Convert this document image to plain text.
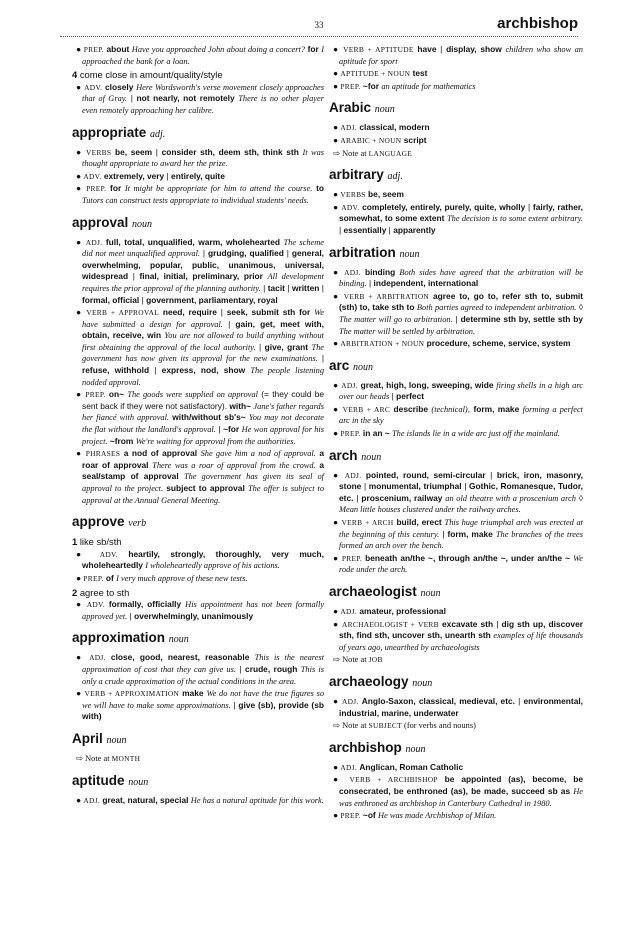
33	archbishop
● PREP. about Have you approached John about doing a concert? for I approached the bank for a loan.
4 come close in amount/quality/style
● ADV. closely Here Wordsworth's verse movement closely approaches that of Gray. | not nearly, not remotely There is no other player even remotely approaching her calibre.
appropriate adj.
● VERBS be, seem | consider sth, deem sth, think sth It was thought appropriate to award her the prize.
● ADV. extremely, very | entirely, quite
● PREP. for It might be appropriate for him to attend the course. to Tutors can construct tests appropriate to individual students' needs.
approval noun
● ADJ. full, total, unqualified, warm, wholehearted The scheme did not meet unqualified approval. | grudging, qualified | general, overwhelming, popular, public, unanimous, universal, widespread | final, initial, preliminary, prior All development requires the prior approval of the planning authority. | tacit | written | formal, official | government, parliamentary, royal
● VERB + APPROVAL need, require | seek, submit sth for We have submitted a design for approval. | gain, get, meet with, obtain, receive, win You are not allowed to build anything without first obtaining the approval of the local authority. | give, grant The government has now given its approval for the new examinations. | refuse, withhold | express, nod, show The people listening nodded approval.
● PREP. on~ The goods were supplied on approval (= they could be sent back if they were not satisfactory). with~ Jane's father regards her fiancé with approval. with/without sb's~ You may not decorate the flat without the landlord's approval. | ~for He won approval for his project. ~from We're waiting for approval from the authorities.
● PHRASES a nod of approval She gave him a nod of approval. a roar of approval There was a roar of approval from the crowd. a seal/stamp of approval The government has given its seal of approval to the project. subject to approval The offer is subject to approval at the Annual General Meeting.
approve verb
1 like sb/sth
● ADV. heartily, strongly, thoroughly, very much, wholeheartedly I wholeheartedly approve of his actions.
● PREP. of I very much approve of these new tests.
2 agree to sth
● ADV. formally, officially His appointment has not been formally approved yet. | overwhelmingly, unanimously
approximation noun
● ADJ. close, good, nearest, reasonable This is the nearest approximation of cost that they can give us. | crude, rough This is only a crude approximation of the actual conditions in the area.
● VERB + APPROXIMATION make We do not have the true figures so we will have to make some approximations. | give (sb), provide (sb with)
April noun
⇨ Note at MONTH
aptitude noun
● ADJ. great, natural, special He has a natural aptitude for this work.
● VERB + APTITUDE have | display, show children who show an aptitude for sport
● APTITUDE + NOUN test
● PREP. ~for an aptitude for mathematics
Arabic noun
● ADJ. classical, modern
● ARABIC + NOUN script
⇨ Note at LANGUAGE
arbitrary adj.
● VERBS be, seem
● ADV. completely, entirely, purely, quite, wholly | fairly, rather, somewhat, to some extent The decision is to some extent arbitrary. | essentially | apparently
arbitration noun
● ADJ. binding Both sides have agreed that the arbitration will be binding. | independent, international
● VERB + ARBITRATION agree to, go to, refer sth to, submit (sth) to, take sth to Both parties agreed to independent arbitration. ◊ The matter will go to arbitration. | determine sth by, settle sth by The matter will be settled by arbitration.
● ARBITRATION + NOUN procedure, scheme, service, system
arc noun
● ADJ. great, high, long, sweeping, wide firing shells in a high arc over our heads | perfect
● VERB + ARC describe (technical), form, make forming a perfect arc in the sky
● PREP. in an ~ The islands lie in a wide arc just off the mainland.
arch noun
● ADJ. pointed, round, semi-circular | brick, iron, masonry, stone | monumental, triumphal | Gothic, Romanesque, Tudor, etc. | proscenium, railway an old theatre with a proscenium arch ◊ Mean little houses clustered under the railway arches.
● VERB + ARCH build, erect This huge triumphal arch was erected at the beginning of this century. | form, make The branches of the trees formed an arch over the bench.
● PREP. beneath an/the ~, through an/the ~, under an/the ~ We rode under the arch.
archaeologist noun
● ADJ. amateur, professional
● ARCHAEOLOGIST + VERB excavate sth | dig sth up, discover sth, find sth, uncover sth, unearth sth examples of life thousands of years ago, unearthed by archaeologists
⇨ Note at JOB
archaeology noun
● ADJ. Anglo-Saxon, classical, medieval, etc. | environmental, industrial, marine, underwater
⇨ Note at SUBJECT (for verbs and nouns)
archbishop noun
● ADJ. Anglican, Roman Catholic
● VERB + ARCHBISHOP be appointed (as), become, be consecrated, be enthroned (as), be made, succeed sb as He was enthroned as archbishop in Canterbury Cathedral in 1980.
● PREP. ~of He was made Archbishop of Milan.
